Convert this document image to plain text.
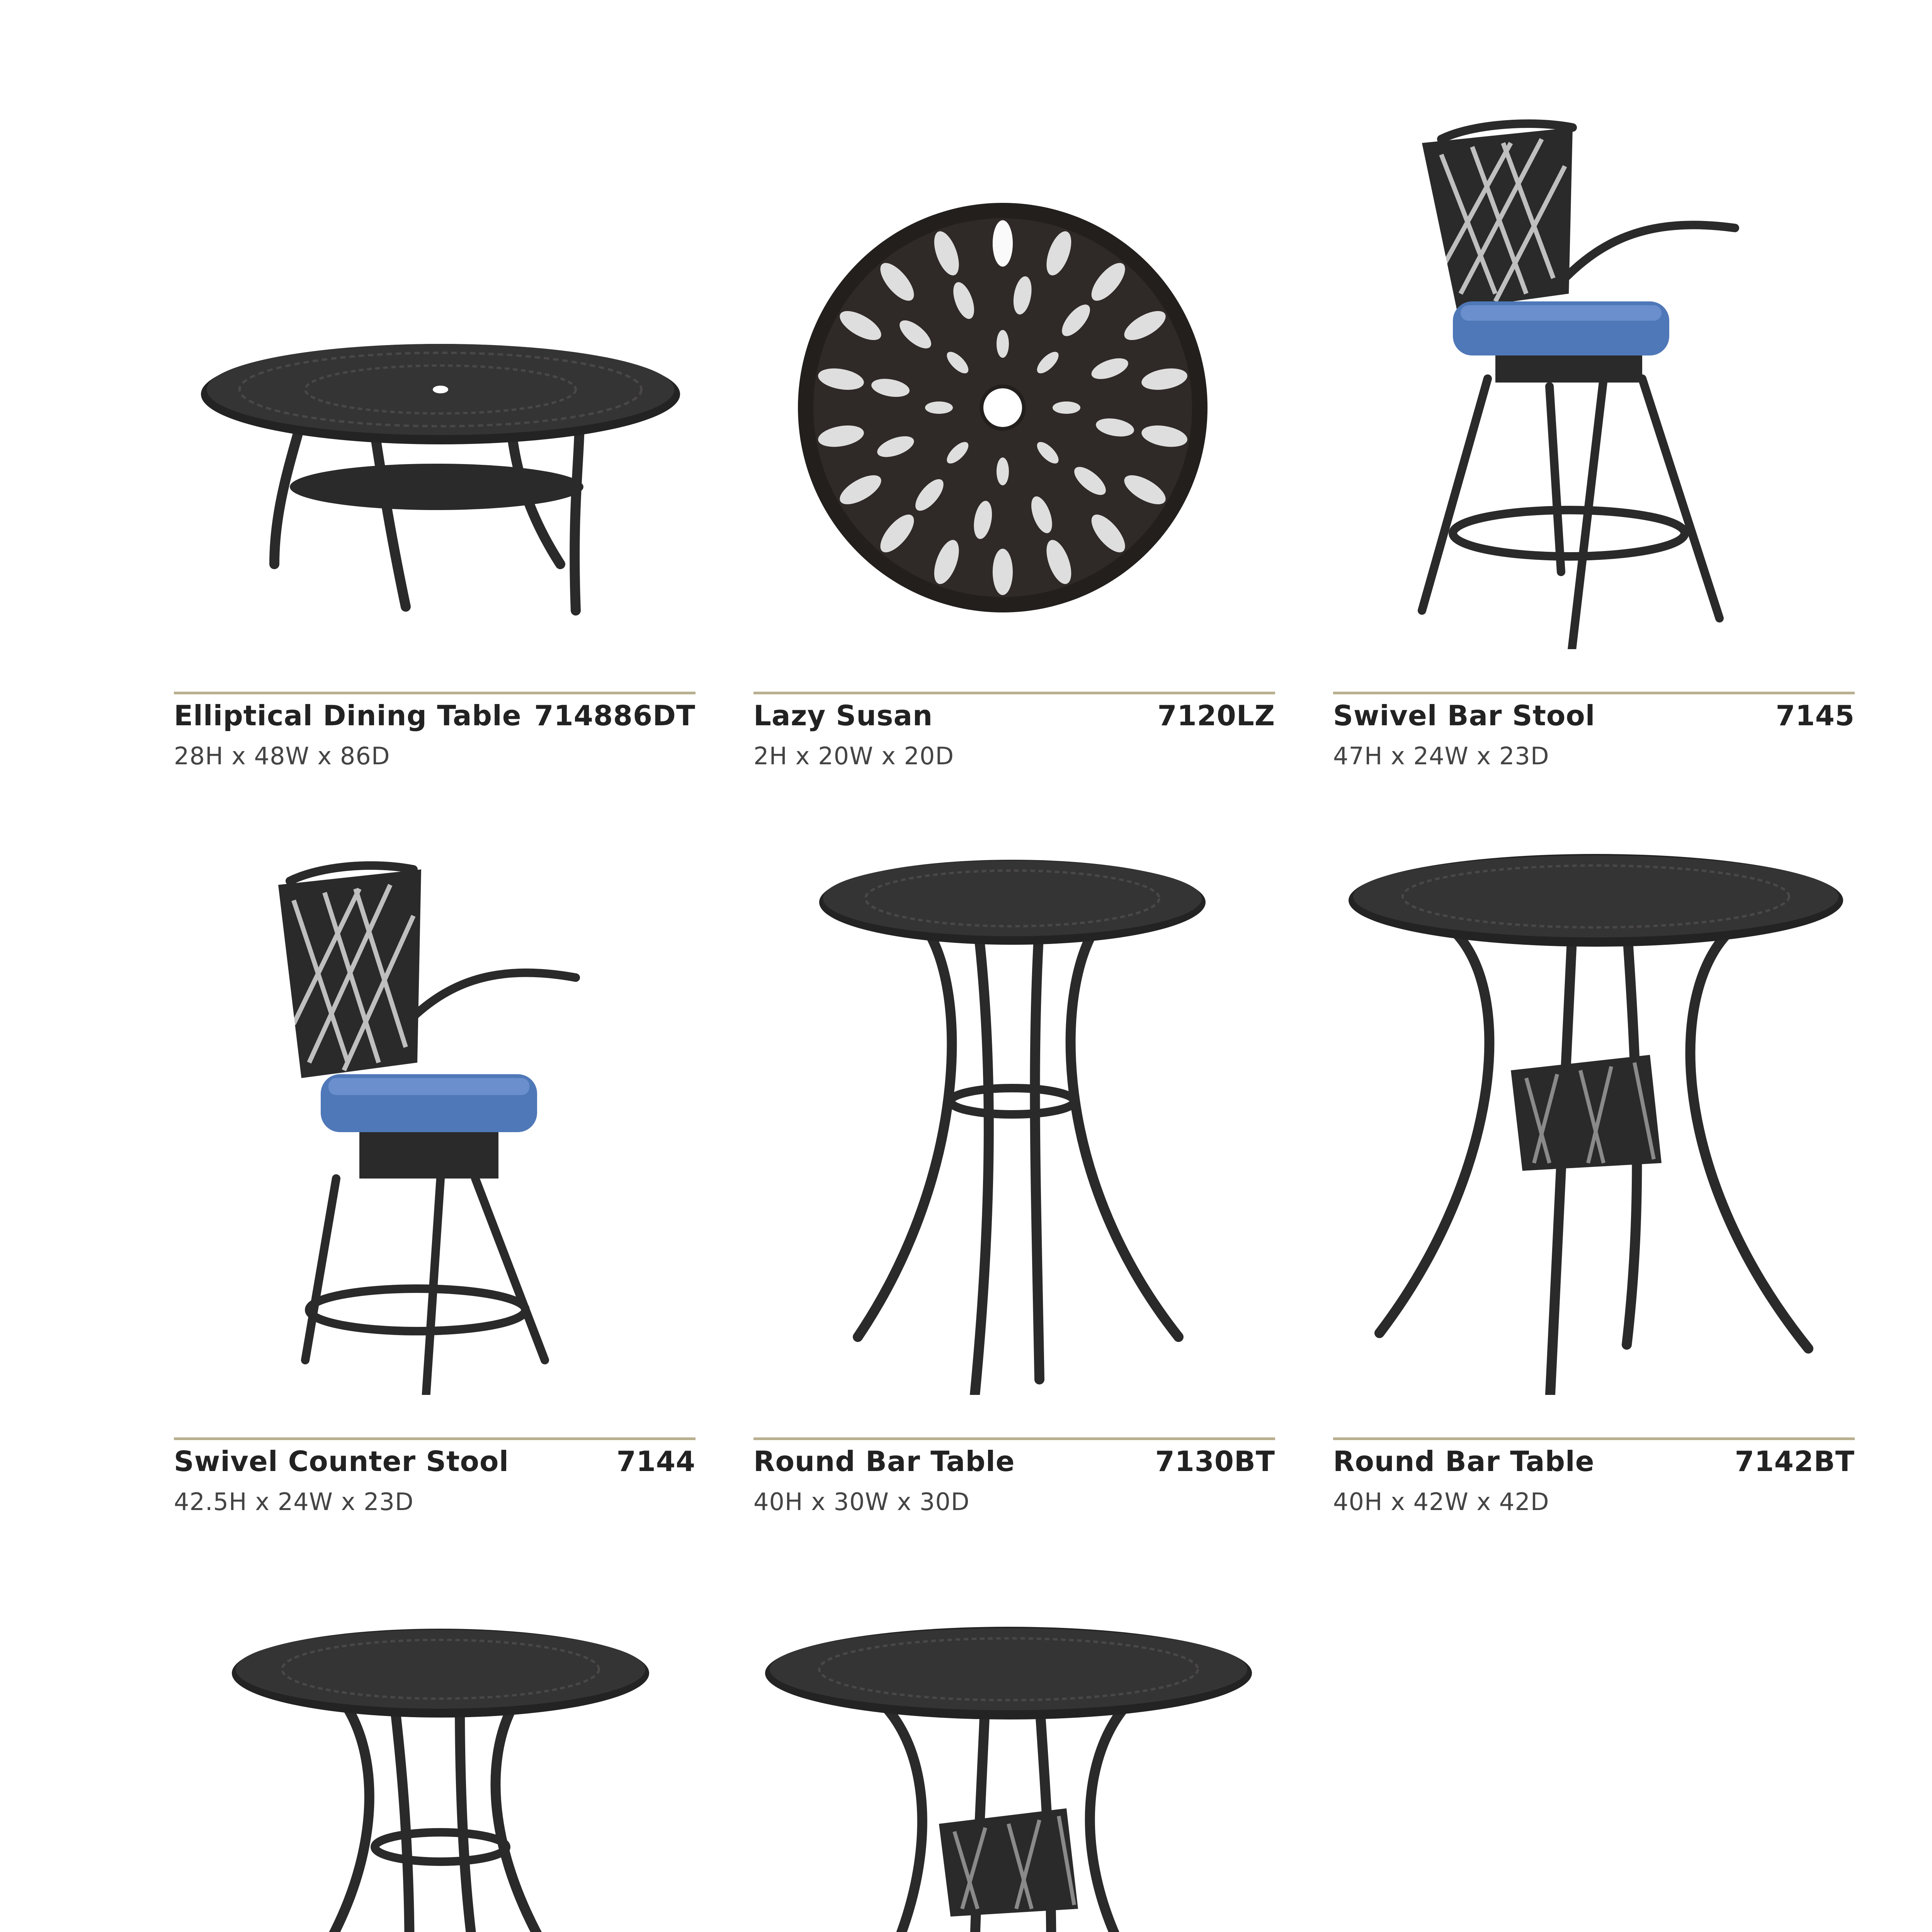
Elliptical Dining Table 714886DT
28H x 48W x 86D
Lazy Susan	7120LZ
2H x 20W x 20D
Swivel Bar Stool	7145
47H x 24W x 23D
Swivel Counter Stool	7144
42.5H x 24W x 23D
Round Bar Table	7130BT
40H x 30W x 30D
Round Bar Table	7142BT
40H x 42W x 42D
